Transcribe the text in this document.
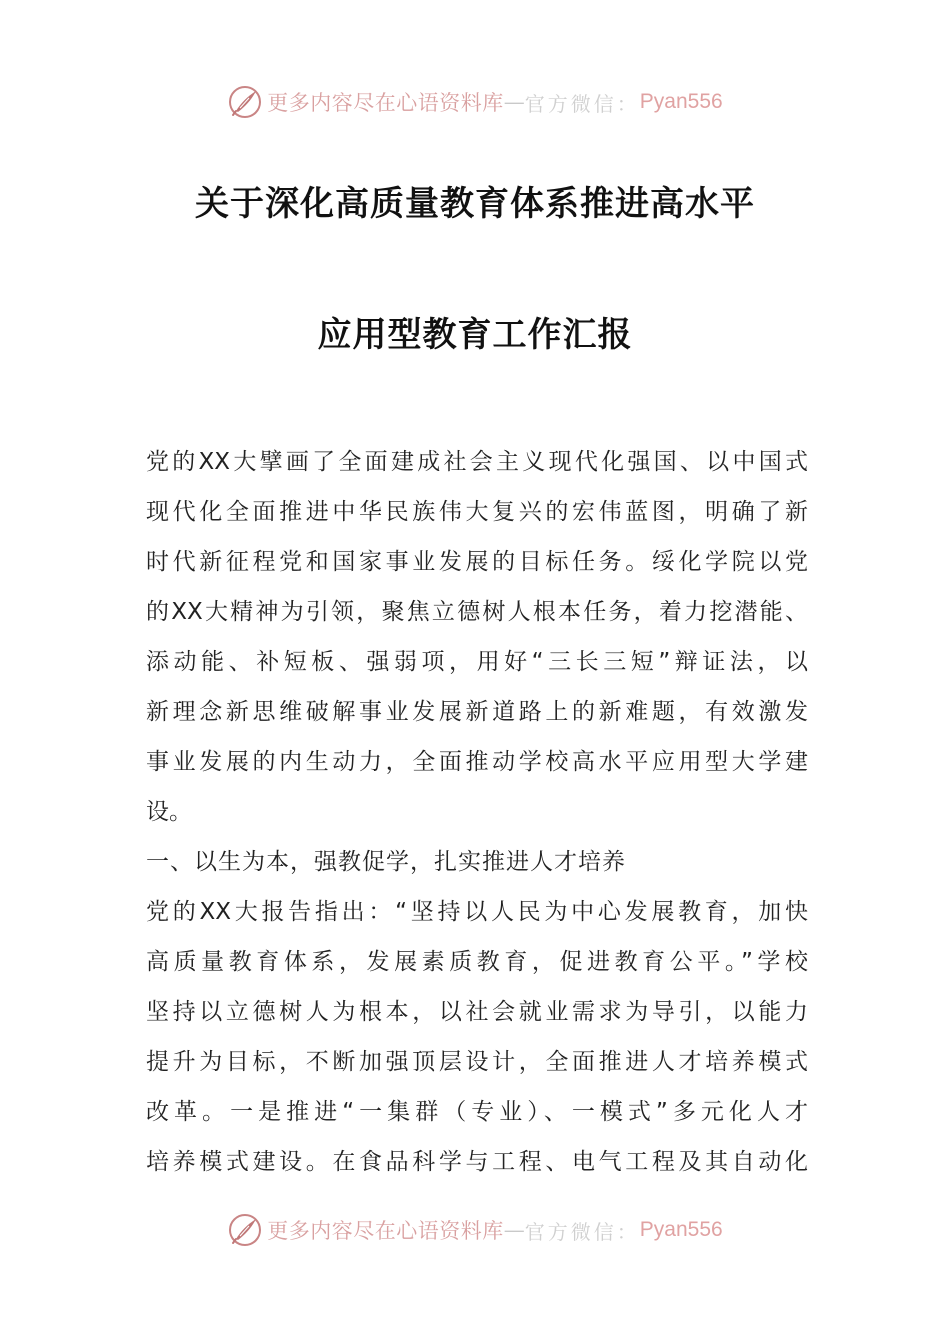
更多内容尽在心语资料库 — 官方微信： Pyan556
关于深化高质量教育体系推进高水平
应用型教育工作汇报
党的XX大擘画了全面建成社会主义现代化强国、以中国式
现代化全面推进中华民族伟大复兴的宏伟蓝图，明确了新
时代新征程党和国家事业发展的目标任务。绥化学院以党
的XX大精神为引领，聚焦立德树人根本任务，着力挖潜能、
添动能、补短板、强弱项，用好“三长三短”辩证法，以
新理念新思维破解事业发展新道路上的新难题，有效激发
事业发展的内生动力，全面推动学校高水平应用型大学建
设。
一、以生为本，强教促学，扎实推进人才培养
党的XX大报告指出：“坚持以人民为中心发展教育，加快
高质量教育体系，发展素质教育，促进教育公平。”学校
坚持以立德树人为根本，以社会就业需求为导引，以能力
提升为目标，不断加强顶层设计，全面推进人才培养模式
改革。一是推进“一集群（专业）、一模式”多元化人才
培养模式建设。在食品科学与工程、电气工程及其自动化
更多内容尽在心语资料库 — 官方微信： Pyan556
